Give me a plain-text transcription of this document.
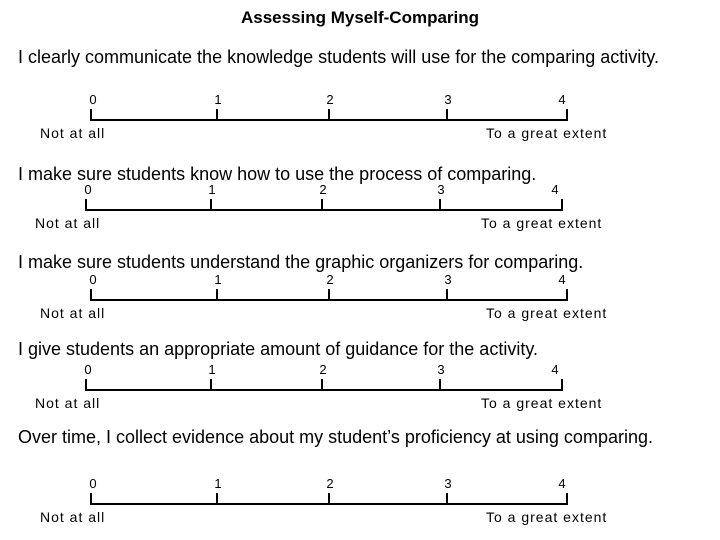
Assessing Myself-Comparing
I clearly communicate the knowledge students will use for the comparing activity.
0	1	2	3	4
Not at all	To a great extent
I make sure students know how to use the process of comparing.
0	1	2	3	4
Not at all	To a great extent
I make sure students understand the graphic organizers for comparing.
0	1	2	3	4
Not at all	To a great extent
I give students an appropriate amount of guidance for the activity.
0	1	2	3	4
Not at all	To a great extent
Over time, I collect evidence about my student’s proficiency at using comparing.
0	1	2	3	4
Not at all	To a great extent
